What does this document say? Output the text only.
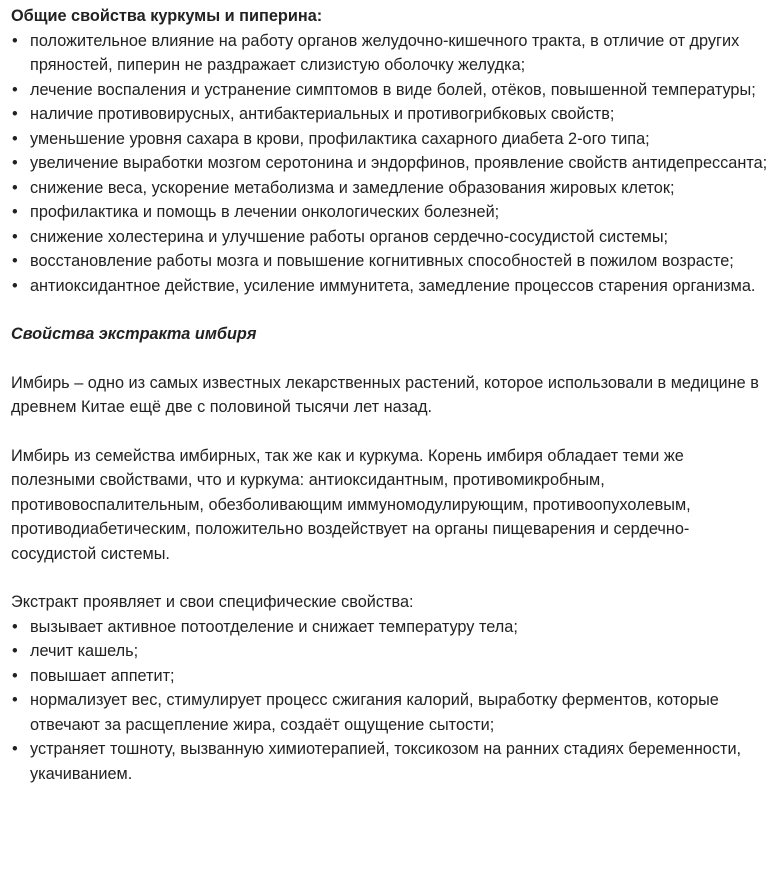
Общие свойства куркумы и пиперина:

• положительное влияние на работу органов желудочно-кишечного тракта, в отличие от других пряностей, пиперин не раздражает слизистую оболочку желудка;
• лечение воспаления и устранение симптомов в виде болей, отёков, повышенной температуры;
• наличие противовирусных, антибактериальных и противогрибковых свойств;
• уменьшение уровня сахара в крови, профилактика сахарного диабета 2-ого типа;
• увеличение выработки мозгом серотонина и эндорфинов, проявление свойств антидепрессанта;
• снижение веса, ускорение метаболизма и замедление образования жировых клеток;
• профилактика и помощь в лечении онкологических болезней;
• снижение холестерина и улучшение работы органов сердечно-сосудистой системы;
• восстановление работы мозга и повышение когнитивных способностей в пожилом возрасте;
• антиоксидантное действие, усиление иммунитета, замедление процессов старения организма.

Свойства экстракта имбиря

Имбирь – одно из самых известных лекарственных растений, которое использовали в медицине в древнем Китае ещё две с половиной тысячи лет назад.

Имбирь из семейства имбирных, так же как и куркума. Корень имбиря обладает теми же полезными свойствами, что и куркума: антиоксидантным, противомикробным, противовоспалительным, обезболивающим иммуномодулирующим, противоопухолевым, противодиабетическим, положительно воздействует на органы пищеварения и сердечно-сосудистой системы.

Экстракт проявляет и свои специфические свойства:

• вызывает активное потоотделение и снижает температуру тела;
• лечит кашель;
• повышает аппетит;
• нормализует вес, стимулирует процесс сжигания калорий, выработку ферментов, которые отвечают за расщепление жира, создаёт ощущение сытости;
• устраняет тошноту, вызванную химиотерапией, токсикозом на ранних стадиях беременности, укачиванием.
